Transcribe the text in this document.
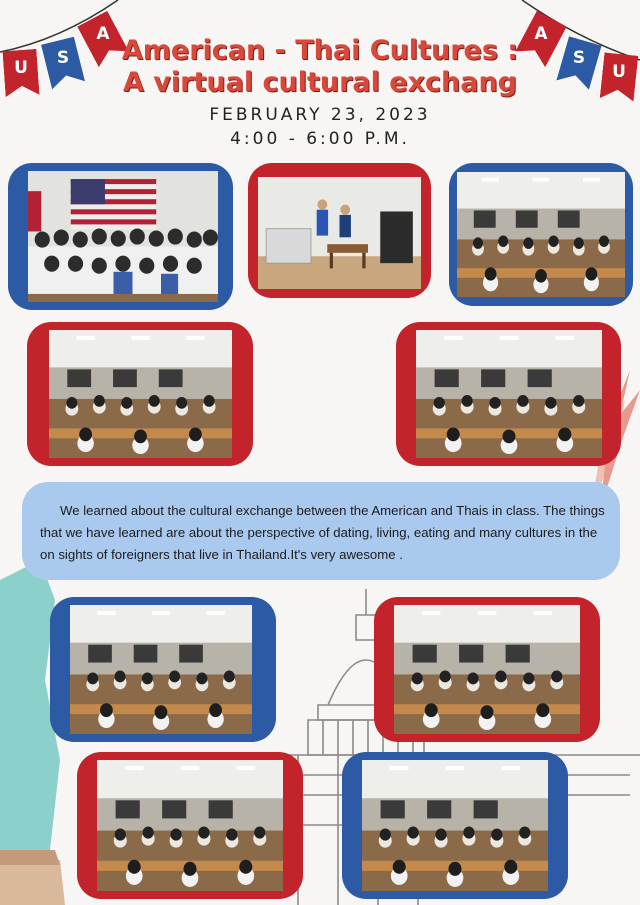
U	S
A	A
S
U
American - Thai Cultures :
A virtual cultural exchang
FEBRUARY 23, 2023
4:00 - 6:00 P.M.

We learned about the cultural exchange between the American and Thais in class. The things that we have learned are about the perspective of dating, living, eating and many cultures in the on sights of foreigners that live in Thailand.It's very awesome .
